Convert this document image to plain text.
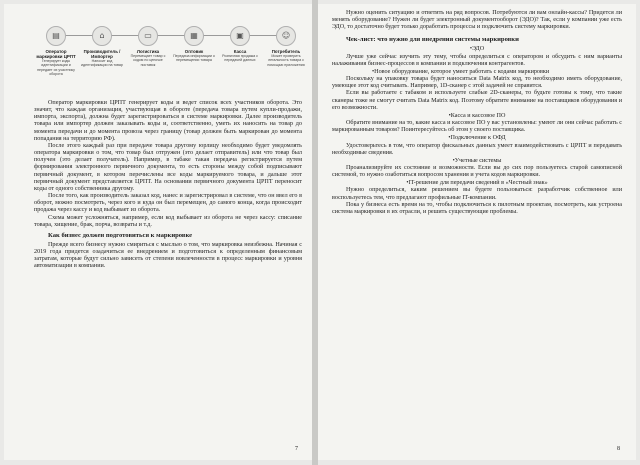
▤
Оператор маркировки ЦРПТ
Генерирует коды идентификации и передает их участнику оборота
⌂
Производитель / Импортер
Наносит код идентификации на товар
▭
Логистика
Перемещает товар с кодом по цепочке поставок
▦
Оптовик
Передача информации о перемещении товара
▣
Касса
Розничная продажа с передачей данных
☺
Потребитель
Может проверить легальность товара с помощью приложения

Оператор маркировки ЦРПТ генерирует коды и ведет список всех участников оборота. Это значит, что каждая организация, участвующая в обороте (передача товара путем купли-продажи, импорта, экспорта), должна будет зарегистрироваться в системе маркировки. Далее производитель товара или импортер должен заказывать коды и, соответственно, уметь их наносить на товар до момента передачи и до момента провоза через границу (товар должен быть маркирован до момента попадания на территорию РФ).

После этого каждый раз при передаче товара другому юрлицу необходимо будет уведомлять оператора маркировки о том, что товар был отгружен (это делает отправитель) или что товар был получен (это делает получатель). Например, в табаке такая передача регистрируется путем формирования электронного первичного документа, то есть стороны между собой подписывают первичный документ, в котором перечислены все коды маркируемого товара, и дальше этот первичный документ представляется ЦРПТ. На основании первичного документа ЦРПТ переносит коды от одного собственника другому.

После того, как производитель заказал код, нанес и зарегистрировал в системе, что он ввел его в оборот, можно посмотреть, через кого и куда он был перемещен, до самого конца, когда происходит продажа через кассу и код выбывает из оборота.

Схема может усложняться, например, если код выбывает из оборота не через кассу: списание товара, хищение, брак, порча, возвраты и т.д.

Как бизнес должен подготовиться к маркировке

Прежде всего бизнесу нужно смириться с мыслью о том, что маркировка неизбежна. Начиная с 2019 года придется озадачиться ее внедрением и подготовиться к определенным финансовым затратам, которые будут сильно зависеть от степени вовлеченности в процесс маркировки и уровня автоматизации в компании.

7

Нужно оценить ситуацию и ответить на ряд вопросов. Потребуются ли вам онлайн-кассы? Придется ли менять оборудование? Нужен ли будет электронный документооборот (ЭДО)? Так, если у компании уже есть ЭДО, то достаточно будет только доработать процессы и подключить систему маркировки.

Чек-лист: что нужно для внедрения системы маркировки
•ЭДО

Лучше уже сейчас изучить эту тему, чтобы определиться с оператором и обсудить с ним варианты налаживания бизнес-процессов в компании и подключения контрагентов.

•Новое оборудование, которое умеет работать с кодами маркировки

Поскольку на упаковку товара будет наноситься Data Matrix код, то необходимо иметь оборудование, умеющее этот код считывать. Например, 1D-сканер с этой задачей не справится.

Если вы работаете с табаком и используете слабые 2D-сканеры, то будьте готовы к тому, что такие сканеры тоже не смогут считать Data Matrix код. Поэтому обратите внимание на поставщиков оборудования и его возможности.

•Касса и кассовое ПО

Обратите внимание на то, какие касса и кассовое ПО у вас установлены: умеют ли они сейчас работать с маркированным товаром? Поинтересуйтесь об этом у своего поставщика.

•Подключение к ОФД

Удостоверьтесь в том, что оператор фискальных данных умеет взаимодействовать с ЦРПТ и передавать необходимые сведения.

•Учетные системы

Проанализируйте их состояние и возможности. Если вы до сих пор пользуетесь старой самописной системой, то нужно озаботиться вопросом хранения и учета кодов маркировки.

•IT-решение для передачи сведений в «Честный знак»

Нужно определиться, каким решением вы будете пользоваться: разработчик собственное или воспользуетесь тем, что предлагают профильные IT-компании.

Пока у бизнеса есть время на то, чтобы подключиться к пилотным проектам, посмотреть, как устроена система маркировки в их отрасли, и решить существующие проблемы.

8
